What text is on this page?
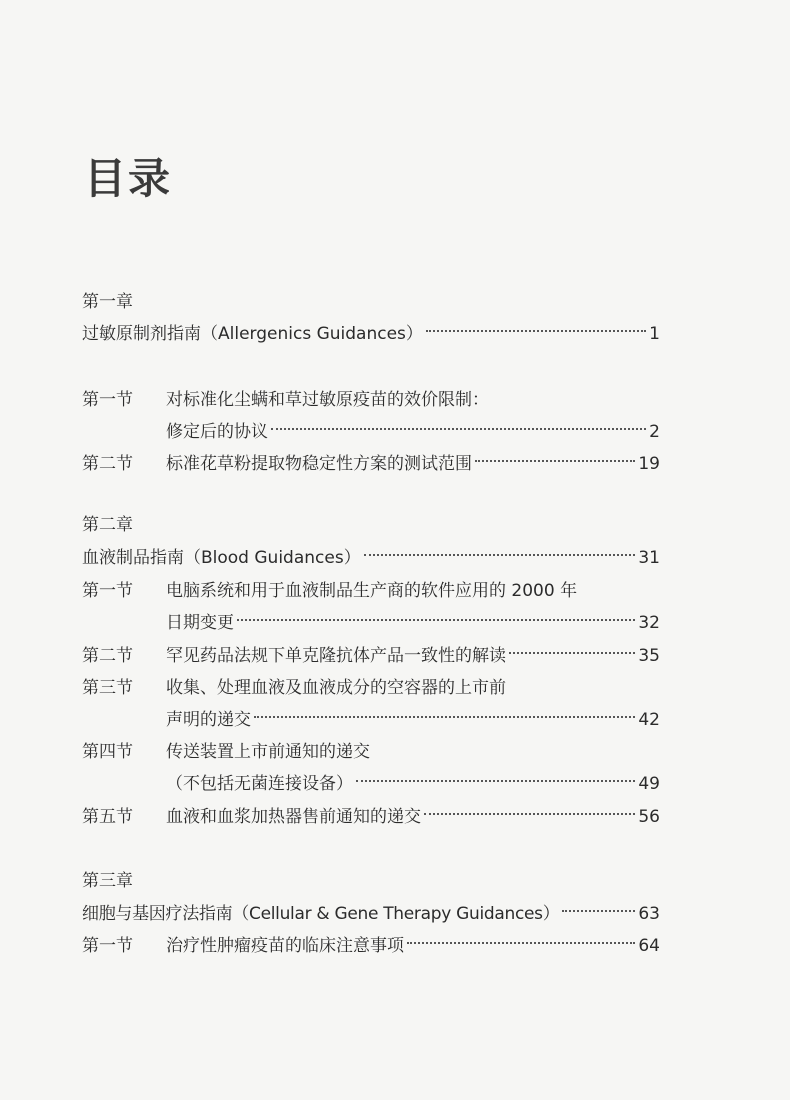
目录
第一章
过敏原制剂指南（Allergenics Guidances）	1
第一节 对标准化尘螨和草过敏原疫苗的效价限制：
修定后的协议	2
第二节 标准花草粉提取物稳定性方案的测试范围	19
第二章
血液制品指南（Blood Guidances）	31
第一节 电脑系统和用于血液制品生产商的软件应用的 2000 年
日期变更	32
第二节 罕见药品法规下单克隆抗体产品一致性的解读	35
第三节 收集、处理血液及血液成分的空容器的上市前
声明的递交	42
第四节 传送装置上市前通知的递交
（不包括无菌连接设备）	49
第五节 血液和血浆加热器售前通知的递交	56
第三章
细胞与基因疗法指南（Cellular & Gene Therapy Guidances）	63
第一节 治疗性肿瘤疫苗的临床注意事项	64
